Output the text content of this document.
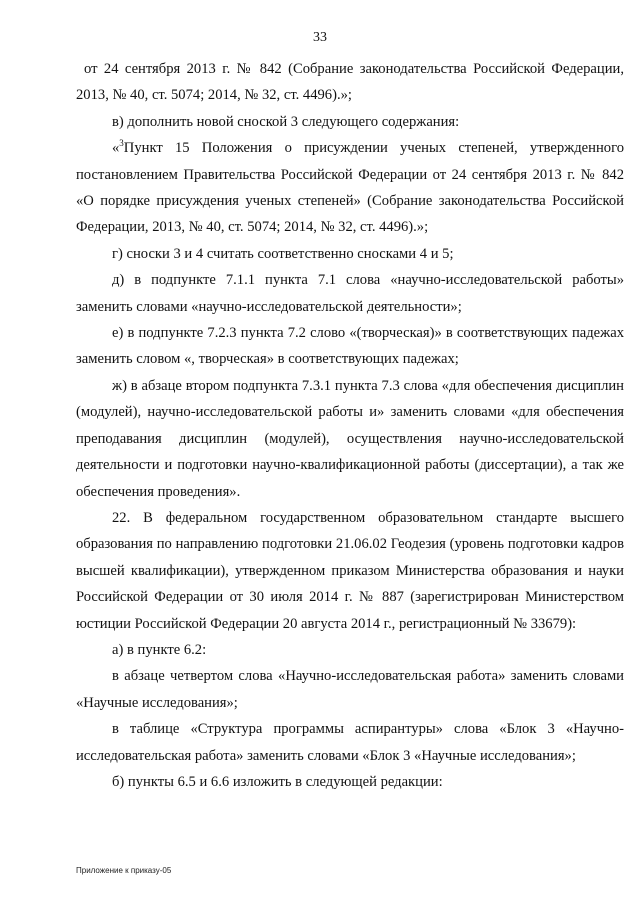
33

от 24 сентября 2013 г. № 842 (Собрание законодательства Российской Федерации, 2013, № 40, ст. 5074; 2014, № 32, ст. 4496).»;

в) дополнить новой сноской 3 следующего содержания:

«$^3$Пункт 15 Положения о присуждении ученых степеней, утвержденного постановлением Правительства Российской Федерации от 24 сентября 2013 г. № 842 «О порядке присуждения ученых степеней» (Собрание законодательства Российской Федерации, 2013, № 40, ст. 5074; 2014, № 32, ст. 4496).»;

г) сноски 3 и 4 считать соответственно сносками 4 и 5;

д) в подпункте 7.1.1 пункта 7.1 слова «научно-исследовательской работы» заменить словами «научно-исследовательской деятельности»;

е) в подпункте 7.2.3 пункта 7.2 слово «(творческая)» в соответствующих падежах заменить словом «, творческая» в соответствующих падежах;

ж) в абзаце втором подпункта 7.3.1 пункта 7.3 слова «для обеспечения дисциплин (модулей), научно-исследовательской работы и» заменить словами «для обеспечения преподавания дисциплин (модулей), осуществления научно-исследовательской деятельности и подготовки научно-квалификационной работы (диссертации), а так же обеспечения проведения».

22. В федеральном государственном образовательном стандарте высшего образования по направлению подготовки 21.06.02 Геодезия (уровень подготовки кадров высшей квалификации), утвержденном приказом Министерства образования и науки Российской Федерации от 30 июля 2014 г. № 887 (зарегистрирован Министерством юстиции Российской Федерации 20 августа 2014 г., регистрационный № 33679):

а) в пункте 6.2:

в абзаце четвертом слова «Научно-исследовательская работа» заменить словами «Научные исследования»;

в таблице «Структура программы аспирантуры» слова «Блок 3 «Научно-исследовательская работа» заменить словами «Блок 3 «Научные исследования»;

б) пункты 6.5 и 6.6 изложить в следующей редакции:

Приложение к приказу-05
